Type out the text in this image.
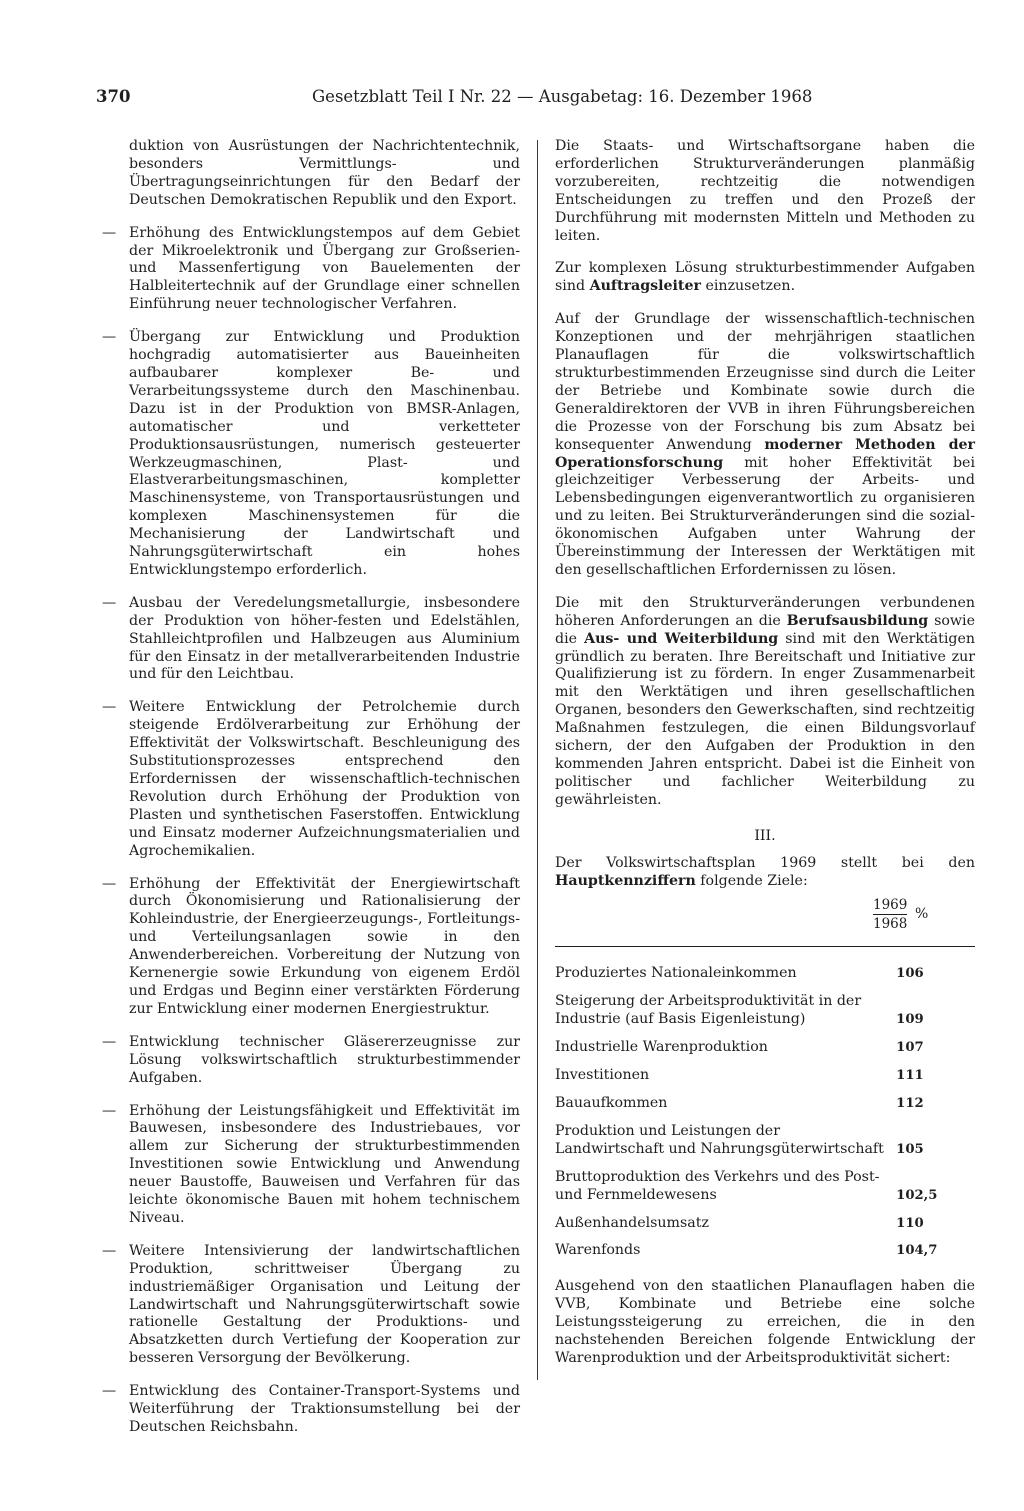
370	Gesetzblatt Teil I Nr. 22 — Ausgabetag: 16. Dezember 1968

duktion von Ausrüstungen der Nachrichtentechnik, besonders Vermittlungs- und Übertragungseinrichtungen für den Bedarf der Deutschen Demokratischen Republik und den Export.

— Erhöhung des Entwicklungstempos auf dem Gebiet der Mikroelektronik und Übergang zur Großserien- und Massenfertigung von Bauelementen der Halbleitertechnik auf der Grundlage einer schnellen Einführung neuer technologischer Verfahren.

— Übergang zur Entwicklung und Produktion hochgradig automatisierter aus Baueinheiten aufbaubarer komplexer Be- und Verarbeitungssysteme durch den Maschinenbau. Dazu ist in der Produktion von BMSR-Anlagen, automatischer und verketteter Produktionsausrüstungen, numerisch gesteuerter Werkzeugmaschinen, Plast- und Elastverarbeitungsmaschinen, kompletter Maschinensysteme, von Transportausrüstungen und komplexen Maschinensystemen für die Mechanisierung der Landwirtschaft und Nahrungsgüterwirtschaft ein hohes Entwicklungstempo erforderlich.

— Ausbau der Veredelungsmetallurgie, insbesondere der Produktion von höher-festen und Edelstählen, Stahlleichtprofilen und Halbzeugen aus Aluminium für den Einsatz in der metallverarbeitenden Industrie und für den Leichtbau.

— Weitere Entwicklung der Petrolchemie durch steigende Erdölverarbeitung zur Erhöhung der Effektivität der Volkswirtschaft. Beschleunigung des Substitutionsprozesses entsprechend den Erfordernissen der wissenschaftlich-technischen Revolution durch Erhöhung der Produktion von Plasten und synthetischen Faserstoffen. Entwicklung und Einsatz moderner Aufzeichnungsmaterialien und Agrochemikalien.

— Erhöhung der Effektivität der Energiewirtschaft durch Ökonomisierung und Rationalisierung der Kohleindustrie, der Energieerzeugungs-, Fortleitungs- und Verteilungsanlagen sowie in den Anwenderbereichen. Vorbereitung der Nutzung von Kernenergie sowie Erkundung von eigenem Erdöl und Erdgas und Beginn einer verstärkten Förderung zur Entwicklung einer modernen Energiestruktur.

— Entwicklung technischer Gläsererzeugnisse zur Lösung volkswirtschaftlich strukturbestimmender Aufgaben.

— Erhöhung der Leistungsfähigkeit und Effektivität im Bauwesen, insbesondere des Industriebaues, vor allem zur Sicherung der strukturbestimmenden Investitionen sowie Entwicklung und Anwendung neuer Baustoffe, Bauweisen und Verfahren für das leichte ökonomische Bauen mit hohem technischem Niveau.

— Weitere Intensivierung der landwirtschaftlichen Produktion, schrittweiser Übergang zu industriemäßiger Organisation und Leitung der Landwirtschaft und Nahrungsgüterwirtschaft sowie rationelle Gestaltung der Produktions- und Absatzketten durch Vertiefung der Kooperation zur besseren Versorgung der Bevölkerung.

— Entwicklung des Container-Transport-Systems und Weiterführung der Traktionsumstellung bei der Deutschen Reichsbahn.

Die Staats- und Wirtschaftsorgane haben die erforderlichen Strukturveränderungen planmäßig vorzubereiten, rechtzeitig die notwendigen Entscheidungen zu treffen und den Prozeß der Durchführung mit modernsten Mitteln und Methoden zu leiten.

Zur komplexen Lösung strukturbestimmender Aufgaben sind Auftragsleiter einzusetzen.

Auf der Grundlage der wissenschaftlich-technischen Konzeptionen und der mehrjährigen staatlichen Planauflagen für die volkswirtschaftlich strukturbestimmenden Erzeugnisse sind durch die Leiter der Betriebe und Kombinate sowie durch die Generaldirektoren der VVB in ihren Führungsbereichen die Prozesse von der Forschung bis zum Absatz bei konsequenter Anwendung moderner Methoden der Operationsforschung mit hoher Effektivität bei gleichzeitiger Verbesserung der Arbeits- und Lebensbedingungen eigenverantwortlich zu organisieren und zu leiten. Bei Strukturveränderungen sind die sozial-ökonomischen Aufgaben unter Wahrung der Übereinstimmung der Interessen der Werktätigen mit den gesellschaftlichen Erfordernissen zu lösen.

Die mit den Strukturveränderungen verbundenen höheren Anforderungen an die Berufsausbildung sowie die Aus- und Weiterbildung sind mit den Werktätigen gründlich zu beraten. Ihre Bereitschaft und Initiative zur Qualifizierung ist zu fördern. In enger Zusammenarbeit mit den Werktätigen und ihren gesellschaftlichen Organen, besonders den Gewerkschaften, sind rechtzeitig Maßnahmen festzulegen, die einen Bildungsvorlauf sichern, der den Aufgaben der Produktion in den kommenden Jahren entspricht. Dabei ist die Einheit von politischer und fachlicher Weiterbildung zu gewährleisten.

III.

Der Volkswirtschaftsplan 1969 stellt bei den Hauptkennziffern folgende Ziele:

$\frac{1969}{1968}$ %
Produziertes Nationaleinkommen	106
Steigerung der Arbeitsproduktivität in der Industrie (auf Basis Eigenleistung)	109
Industrielle Warenproduktion	107
Investitionen	111
Bauaufkommen	112
Produktion und Leistungen der Landwirtschaft und Nahrungsgüterwirtschaft 105
Bruttoproduktion des Verkehrs und des Post- und Fernmeldewesens	102,5
Außenhandelsumsatz	110
Warenfonds	104,7

Ausgehend von den staatlichen Planauflagen haben die VVB, Kombinate und Betriebe eine solche Leistungssteigerung zu erreichen, die in den nachstehenden Bereichen folgende Entwicklung der Warenproduktion und der Arbeitsproduktivität sichert:
